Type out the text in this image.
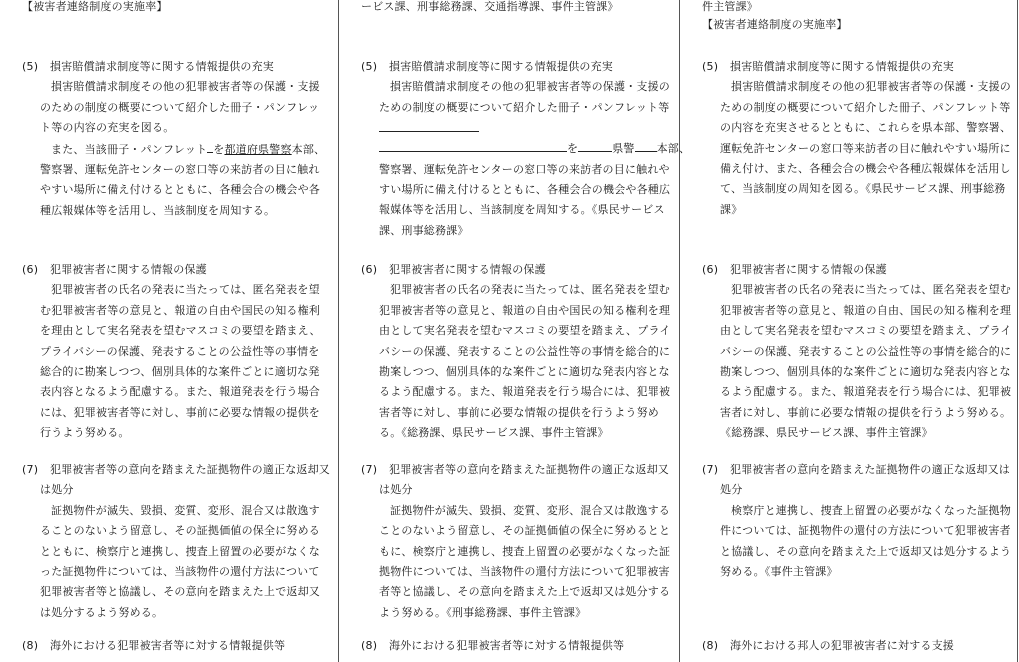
【被害者連絡制度の実施率】
(5)	損害賠償請求制度等に関する情報提供の充実

損害賠償請求制度その他の犯罪被害者等の保護・支援のための制度の概要について紹介した冊子・パンフレット等の内容の充実を図る。

また、当該冊子・パンフレット を都道府県警察本部、警察署、運転免許センターの窓口等の来訪者の目に触れやすい場所に備え付けるとともに、各種会合の機会や各種広報媒体等を活用し、当該制度を周知する。

(6)	犯罪被害者に関する情報の保護

犯罪被害者の氏名の発表に当たっては、匿名発表を望む犯罪被害者等の意見と、報道の自由や国民の知る権利を理由として実名発表を望むマスコミの要望を踏まえ、プライバシーの保護、発表することの公益性等の事情を総合的に勘案しつつ、個別具体的な案件ごとに適切な発表内容となるよう配慮する。また、報道発表を行う場合には、犯罪被害者等に対し、事前に必要な情報の提供を行うよう努める。

(7)	犯罪被害者等の意向を踏まえた証拠物件の適正な返却又
は処分

証拠物件が滅失、毀損、変質、変形、混合又は散逸することのないよう留意し、その証拠価値の保全に努めるとともに、検察庁と連携し、捜査上留置の必要がなくなった証拠物件については、当該物件の還付方法について犯罪被害者等と協議し、その意向を踏まえた上で返却又は処分するよう努める。

(8)	海外における犯罪被害者等に対する情報提供等
ービス課、刑事総務課、交通指導課、事件主管課》
(5)	損害賠償請求制度等に関する情報提供の充実

損害賠償請求制度その他の犯罪被害者等の保護・支援のための制度の概要について紹介した冊子・パンフレット等

を	県警 本部、
警察署、運転免許センターの窓口等の来訪者の目に触れやすい場所に備え付けるとともに、各種会合の機会や各種広報媒体等を活用し、当該制度を周知する。《県民サービス課、刑事総務課》
(6)	犯罪被害者に関する情報の保護

犯罪被害者の氏名の発表に当たっては、匿名発表を望む犯罪被害者等の意見と、報道の自由や国民の知る権利を理由として実名発表を望むマスコミの要望を踏まえ、プライバシーの保護、発表することの公益性等の事情を総合的に勘案しつつ、個別具体的な案件ごとに適切な発表内容となるよう配慮する。また、報道発表を行う場合には、犯罪被害者等に対し、事前に必要な情報の提供を行うよう努める。《総務課、県民サービス課、事件主管課》

(7)	犯罪被害者等の意向を踏まえた証拠物件の適正な返却又
は処分

証拠物件が滅失、毀損、変質、変形、混合又は散逸することのないよう留意し、その証拠価値の保全に努めるとともに、検察庁と連携し、捜査上留置の必要がなくなった証拠物件については、当該物件の還付方法について犯罪被害者等と協議し、その意向を踏まえた上で返却又は処分するよう努める。《刑事総務課、事件主管課》

(8)	海外における犯罪被害者等に対する情報提供等
件主管課》
【被害者連絡制度の実施率】
(5)	損害賠償請求制度等に関する情報提供の充実

損害賠償請求制度その他の犯罪被害者等の保護・支援のための制度の概要について紹介した冊子、パンフレット等の内容を充実させるとともに、これらを県本部、警察署、運転免許センターの窓口等来訪者の目に触れやすい場所に備え付け、また、各種会合の機会や各種広報媒体を活用して、当該制度の周知を図る。《県民サービス課、刑事総務課》

(6)	犯罪被害者に関する情報の保護

犯罪被害者の氏名の発表に当たっては、匿名発表を望む犯罪被害者等の意見と、報道の自由、国民の知る権利を理由として実名発表を望むマスコミの要望を踏まえ、プライバシーの保護、発表することの公益性等の事情を総合的に勘案しつつ、個別具体的な案件ごとに適切な発表内容となるよう配慮する。また、報道発表を行う場合には、犯罪被害者に対し、事前に必要な情報の提供を行うよう努める。《総務課、県民サービス課、事件主管課》

(7)	犯罪被害者の意向を踏まえた証拠物件の適正な返却又は
処分

検察庁と連携し、捜査上留置の必要がなくなった証拠物件については、証拠物件の還付の方法について犯罪被害者と協議し、その意向を踏まえた上で返却又は処分するよう努める。《事件主管課》

(8)	海外における邦人の犯罪被害者に対する支援
